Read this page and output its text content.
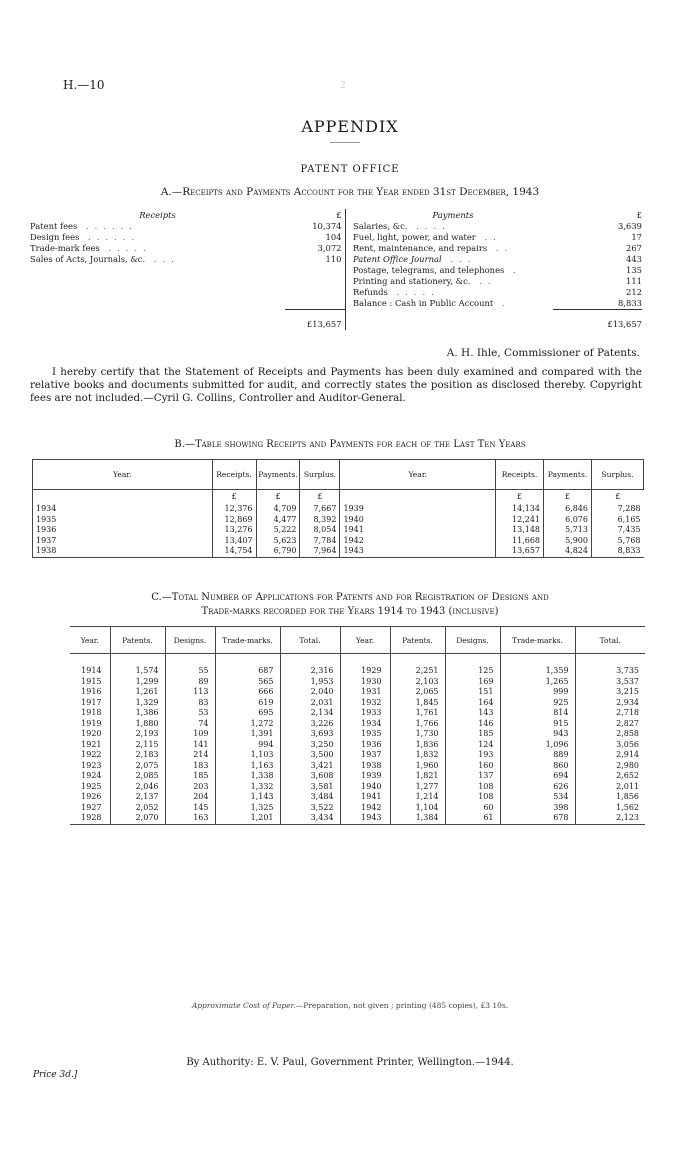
H.—10	2
APPENDIX
PATENT OFFICE
A.—Receipts and Payments Account for the Year ended 31st December, 1943
Receipts	£		Payments	£
Patent fees ......	10,374		Salaries, &c. ....	3,639
Design fees ......	104		Fuel, light, power, and water ..	17
Trade-mark fees .....	3,072		Rent, maintenance, and repairs ..	267
Sales of Acts, Journals, &c. ...	110		Patent Office Journal ...	443
			Postage, telegrams, and telephones .	135
			Printing and stationery, &c. ..	111
			Refunds .....	212
			Balance : Cash in Public Account .	8,833
	£13,657			£13,657
A. H. Ihle, Commissioner of Patents.
I hereby certify that the Statement of Receipts and Payments has been duly examined and compared with the relative books and documents submitted for audit, and correctly states the position as disclosed thereby. Copyright fees are not included.—Cyril G. Collins, Controller and Auditor-General.
B.—Table showing Receipts and Payments for each of the Last Ten Years
Year.	Receipts.	Payments.	Surplus.	Year.	Receipts.	Payments.	Surplus.
	£	£	£		£	£	£
1934	12,376	4,709	7,667	1939	14,134	6,846	7,288
1935	12,869	4,477	8,392	1940	12,241	6,076	6,165
1936	13,276	5,222	8,054	1941	13,148	5,713	7,435
1937	13,407	5,623	7,784	1942	11,668	5,900	5,768
1938	14,754	6,790	7,964	1943	13,657	4,824	8,833
C.—Total Number of Applications for Patents and for Registration of Designs and
Trade-marks recorded for the Years 1914 to 1943 (inclusive)
Year.	Patents.	Designs.	Trade-marks.	Total.	Year.	Patents.	Designs.	Trade-marks.	Total.

1914	1,574	55	687	2,316	1929	2,251	125	1,359	3,735
1915	1,299	89	565	1,953	1930	2,103	169	1,265	3,537
1916	1,261	113	666	2,040	1931	2,065	151	999	3,215
1917	1,329	83	619	2,031	1932	1,845	164	925	2,934
1918	1,386	53	695	2,134	1933	1,761	143	814	2,718
1919	1,880	74	1,272	3,226	1934	1,766	146	915	2,827
1920	2,193	109	1,391	3,693	1935	1,730	185	943	2,858
1921	2,115	141	994	3,250	1936	1,836	124	1,096	3,056
1922	2,183	214	1,103	3,500	1937	1,832	193	889	2,914
1923	2,075	183	1,163	3,421	1938	1,960	160	860	2,980
1924	2,085	185	1,338	3,608	1939	1,821	137	694	2,652
1925	2,046	203	1,332	3,581	1940	1,277	108	626	2,011
1926	2,137	204	1,143	3,484	1941	1,214	108	534	1,856
1927	2,052	145	1,325	3,522	1942	1,104	60	398	1,562
1928	2,070	163	1,201	3,434	1943	1,384	61	678	2,123
Approximate Cost of Paper.—Preparation, not given ; printing (485 copies), £3 10s.
By Authority: E. V. Paul, Government Printer, Wellington.—1944.
Price 3d.]
